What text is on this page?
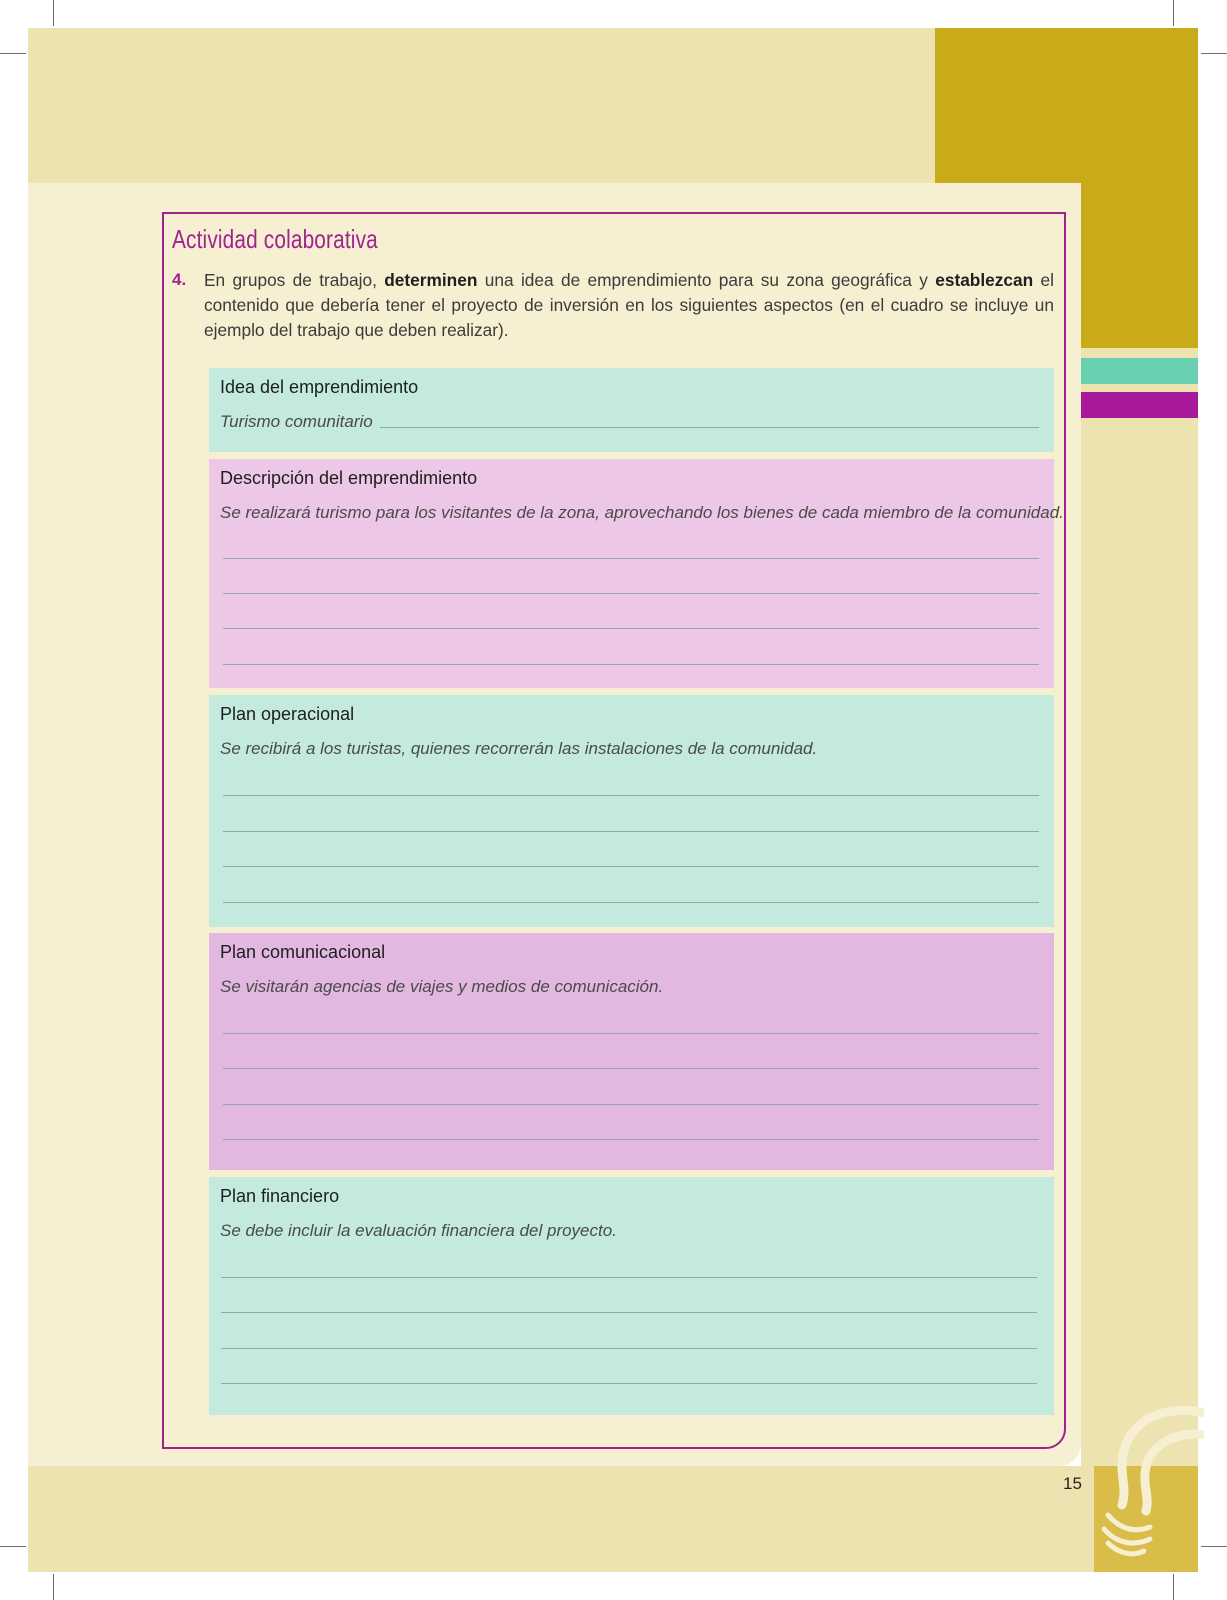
Actividad colaborativa
4. En grupos de trabajo, determinen una idea de emprendimiento para su zona geográfica y establezcan el contenido que debería tener el proyecto de inversión en los siguientes aspectos (en el cuadro se incluye un ejemplo del trabajo que deben realizar).
Idea del emprendimiento
Turismo comunitario
Descripción del emprendimiento
Se realizará turismo para los visitantes de la zona, aprovechando los bienes de cada miembro de la comunidad.
Plan operacional
Se recibirá a los turistas, quienes recorrerán las instalaciones de la comunidad.
Plan comunicacional
Se visitarán agencias de viajes y medios de comunicación.
Plan financiero
Se debe incluir la evaluación financiera del proyecto.
15
